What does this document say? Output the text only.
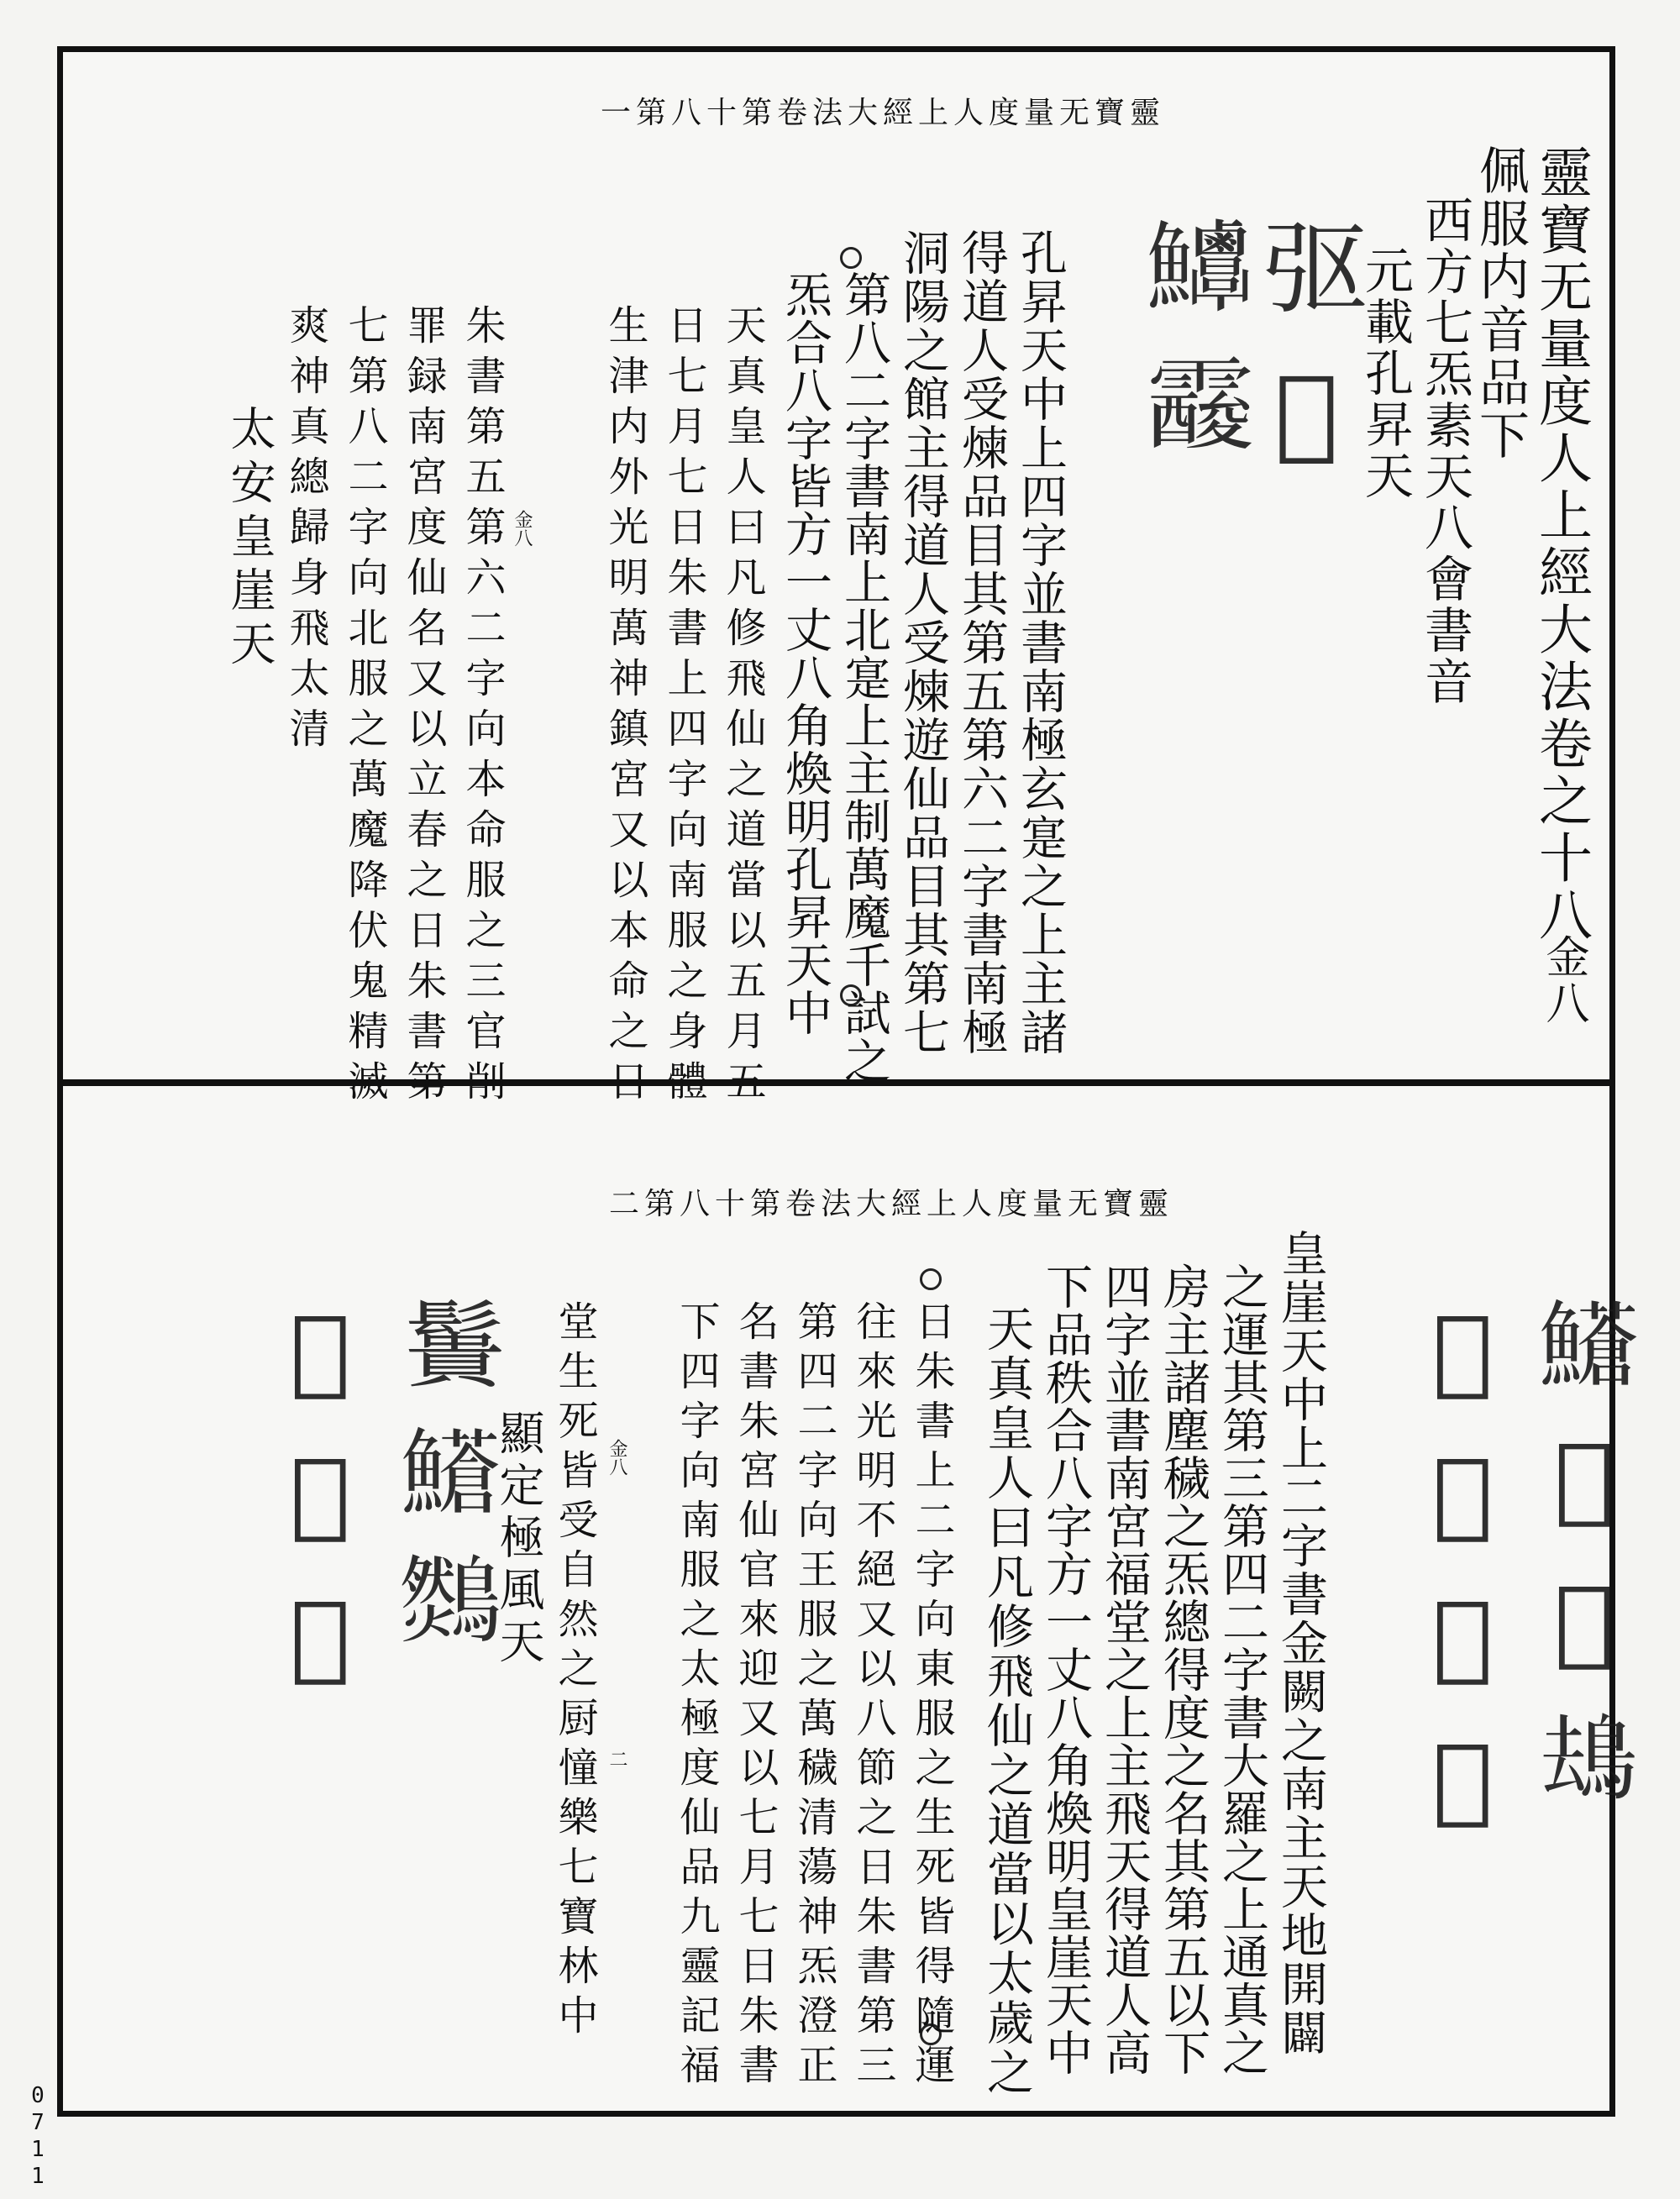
靈寶无量度人上經大法卷第十八第一
靈寶无量度人上經大法卷之十八
金八
佩服内音品下
西方七炁素天八會書音
元載孔昇天
𫸩𫊷
𩽶𩆑
孔昇天中上四字並書南極玄寔之上主諸
得道人受煉品目其第五第六二字書南極
洞陽之館主得道人受煉遊仙品目其第七
第八二字書南上北寔上主制萬魔千試之
炁合八字皆方一丈八角煥明孔昇天中
天真皇人曰凡修飛仙之道當以五月五
日七月七日朱書上四字向南服之身體
生津内外光明萬神鎮宮又以本命之日
金八
朱書第五第六二字向本命服之三官削
罪録南宮度仙名又以立春之日朱書第
七第八二字向北服之萬魔降伏鬼精滅
爽神真總歸身飛太清
太安皇崖天
靈寶无量度人上經大法卷第十八第二
𩼺𫕥𫕨𩿹
𪆕𫊷𩽶𩆑
皇崖天中上二字書金闕之南主天地開闢
之運其第三第四二字書大羅之上通真之
房主諸塵穢之炁總得度之名其第五以下
四字並書南宮福堂之上主飛天得道人高
下品秩合八字方一丈八角煥明皇崖天中
天真皇人曰凡修飛仙之道當以太歲之
日朱書上二字向東服之生死皆得隨運
往來光明不絕又以八節之日朱書第三
第四二字向王服之萬穢清蕩神炁澄正
名書朱宮仙官來迎又以七月七日朱書
下四字向南服之太極度仙品九靈記福
金八
二
堂生死皆受自然之厨憧樂七寶林中
顯定極風天
䰎𩼺𪆈
𫕥𩼺𫊷
0711
